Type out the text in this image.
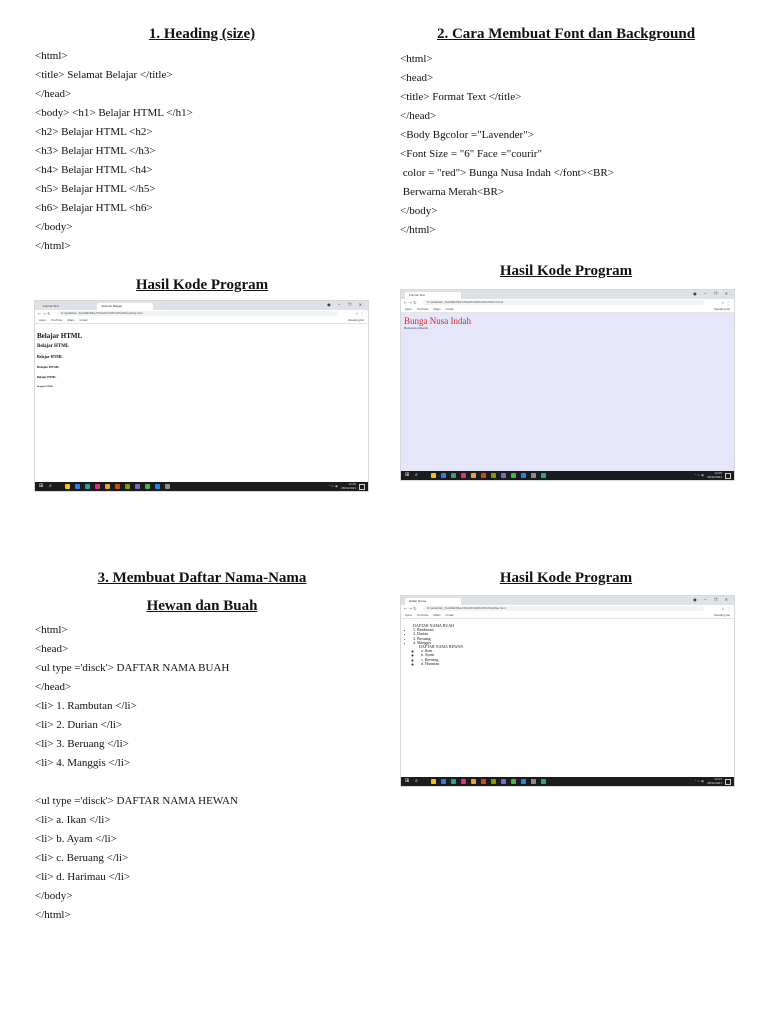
1. Heading (size)
<html>
<title> Selamat Belajar </title>
</head>
<body> <h1> Belajar HTML </h1>
<h2> Belajar HTML <h2>
<h3> Belajar HTML </h3>
<h4> Belajar HTML <h4>
<h5> Belajar HTML </h5>
<h6> Belajar HTML <h6>
</body>
</html>
Hasil Kode Program
Format Text	Selamat Belajar	● ‒ ❐ ✕
← → ↻	D:/pelatihan_SHARE/PELATIHAN%20KURSUS/heading.html	☆ ⋮
Apps YouTube Maps Gmail	Reading list
Belajar HTML
Belajar HTML
Belajar HTML
Belajar HTML
Belajar HTML
Belajar HTML
⊞ ⌕	^ ▭ ◀)	12:06
28/11/2021
2. Cara Membuat Font dan Background
<html>
<head>
<title> Format Text </title>
</head>
<Body Bgcolor ="Lavender">
<Font Size = "6" Face ="courir"
color = "red"> Bunga Nusa Indah </font><BR>
Berwarna Merah<BR>
</body>
</html>
Hasil Kode Program
Format Text	● ‒ ❐ ✕
← → ↻	D:/pelatihan_SHARE/PELATIHAN%20KURSUS/font.html	☆ ⋮
Apps YouTube Maps Gmail	Reading list
Bunga Nusa Indah
Berwarna Merah
⊞ ⌕	^ ▭ ◀)	12:06
28/11/2021
3. Membuat Daftar Nama-Nama
Hewan dan Buah
<html>
<head>
<ul type ='disck'> DAFTAR NAMA BUAH
</head>
<li> 1. Rambutan </li>
<li> 2. Durian </li>
<li> 3. Beruang </li>
<li> 4. Manggis </li>
<ul type ='disck'> DAFTAR NAMA HEWAN
<li> a. Ikan </li>
<li> b. Ayam </li>
<li> c. Beruang </li>
<li> d. Harimau </li>
</body>
</html>
Hasil Kode Program
Daftar Nama	● ‒ ❐ ✕
← → ↻	D:/pelatihan_SHARE/PELATIHAN%20KURSUS/daftar.html	☆ ⋮
Apps YouTube Maps Gmail	Reading list
DAFTAR NAMA BUAH
• 1. Rambutan
• 2. Durian
• 3. Beruang
• 4. Manggis
DAFTAR NAMA HEWAN
◦ a. Ikan
◦ b. Ayam
◦ c. Beruang
◦ d. Harimau
⊞ ⌕	^ ▭ ◀)	12:07
28/11/2021
